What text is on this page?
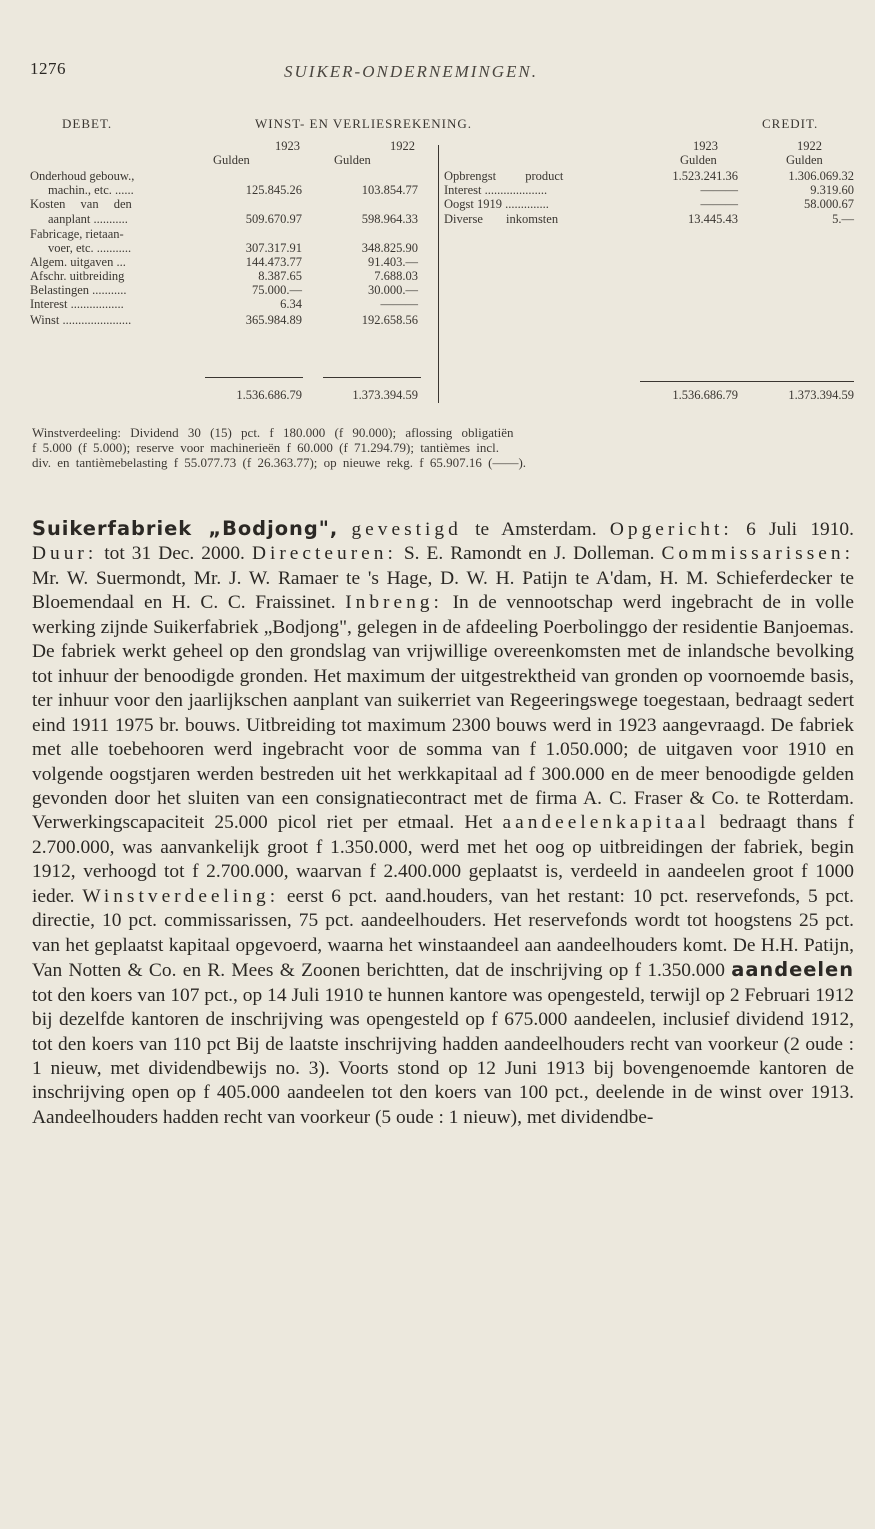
1276	SUIKER-ONDERNEMINGEN.
DEBET.	WINST- EN VERLIESREKENING.	CREDIT.
1923	1922
Gulden	Gulden
1923	1922
Gulden	Gulden
Onderhoud gebouw.,
machin., etc. ......	125.845.26	103.854.77
Kosten van den
aanplant ...........	509.670.97	598.964.33
Fabricage, rietaan-
voer, etc. ...........	307.317.91	348.825.90
Algem. uitgaven ...	144.473.77	91.403.—
Afschr. uitbreiding	8.387.65	7.688.03
Belastingen ...........	75.000.—	30.000.—
Interest .................	6.34	———
Winst ......................	365.984.89	192.658.56
1.536.686.79	1.373.394.59
Opbrengst product	1.523.241.36	1.306.069.32
Interest ....................	———	9.319.60
Oogst 1919 ..............	———	58.000.67
Diverse inkomsten	13.445.43	5.—
1.536.686.79	1.373.394.59
Winstverdeeling: Dividend 30 (15) pct. f 180.000 (f 90.000); aflossing obligatiën
f 5.000 (f 5.000); reserve voor machinerieën f 60.000 (f 71.294.79); tantièmes incl.
div. en tantièmebelasting f 55.077.73 (f 26.363.77); op nieuwe rekg. f 65.907.16 (——).

Suikerfabriek „Bodjong", gevestigd te Amsterdam. Opgericht: 6 Juli 1910. Duur: tot 31 Dec. 2000. Directeuren: S. E. Ramondt en J. Dolleman. Commissarissen: Mr. W. Suermondt, Mr. J. W. Ramaer te 's Hage, D. W. H. Patijn te A'dam, H. M. Schieferdecker te Bloemendaal en H. C. C. Fraissinet. Inbreng: In de vennootschap werd ingebracht de in volle werking zijnde Suikerfabriek „Bodjong", gelegen in de afdeeling Poerbolinggo der residentie Banjoemas. De fabriek werkt geheel op den grondslag van vrijwillige overeenkomsten met de inlandsche bevolking tot inhuur der benoodigde gronden. Het maximum der uitgestrektheid van gronden op voornoemde basis, ter inhuur voor den jaarlijkschen aanplant van suikerriet van Regeeringswege toegestaan, bedraagt sedert eind 1911 1975 br. bouws. Uitbreiding tot maximum 2300 bouws werd in 1923 aangevraagd. De fabriek met alle toebehooren werd ingebracht voor de somma van f 1.050.000; de uitgaven voor 1910 en volgende oogstjaren werden bestreden uit het werkkapitaal ad f 300.000 en de meer benoodigde gelden gevonden door het sluiten van een consignatiecontract met de firma A. C. Fraser & Co. te Rotterdam. Verwerkingscapaciteit 25.000 picol riet per etmaal. Het aandeelenkapitaal bedraagt thans f 2.700.000, was aanvankelijk groot f 1.350.000, werd met het oog op uitbreidingen der fabriek, begin 1912, verhoogd tot f 2.700.000, waarvan f 2.400.000 geplaatst is, verdeeld in aandeelen groot f 1000 ieder. Winstverdeeling: eerst 6 pct. aand.houders, van het restant: 10 pct. reservefonds, 5 pct. directie, 10 pct. commissarissen, 75 pct. aandeelhouders. Het reservefonds wordt tot hoogstens 25 pct. van het geplaatst kapitaal opgevoerd, waarna het winstaandeel aan aandeelhouders komt. De H.H. Patijn, Van Notten & Co. en R. Mees & Zoonen berichtten, dat de inschrijving op f 1.350.000 aandeelen tot den koers van 107 pct., op 14 Juli 1910 te hunnen kantore was opengesteld, terwijl op 2 Februari 1912 bij dezelfde kantoren de inschrijving was opengesteld op f 675.000 aandeelen, inclusief dividend 1912, tot den koers van 110 pct Bij de laatste inschrijving hadden aandeelhouders recht van voorkeur (2 oude : 1 nieuw, met dividendbewijs no. 3). Voorts stond op 12 Juni 1913 bij bovengenoemde kantoren de inschrijving open op f 405.000 aandeelen tot den koers van 100 pct., deelende in de winst over 1913. Aandeelhouders hadden recht van voorkeur (5 oude : 1 nieuw), met dividendbe-
